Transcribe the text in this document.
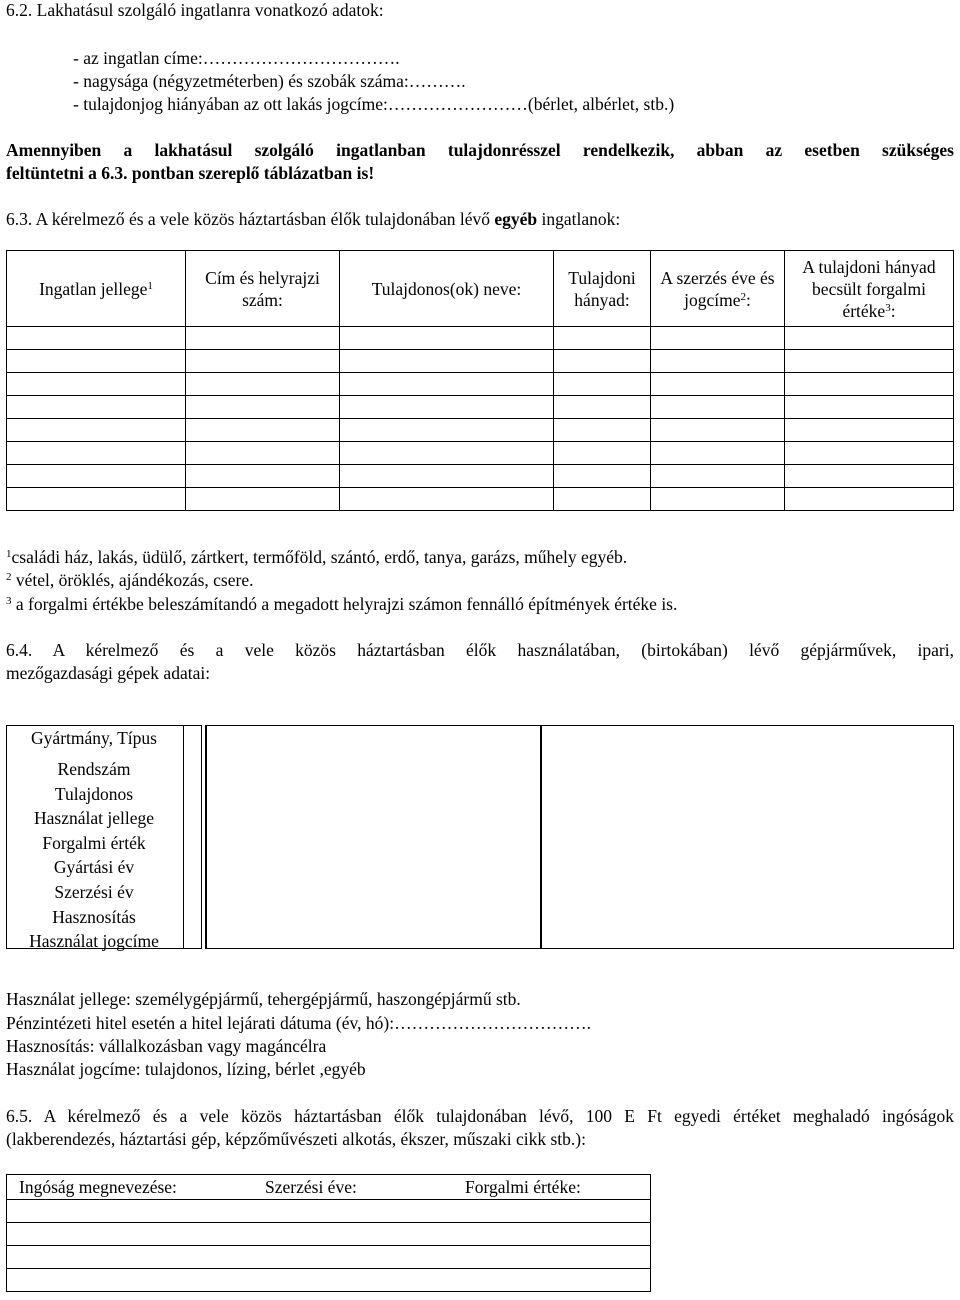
6.2. Lakhatásul szolgáló ingatlanra vonatkozó adatok:
- az ingatlan címe:…………………………….
- nagysága (négyzetméterben) és szobák száma:……….
- tulajdonjog hiányában az ott lakás jogcíme:……………………(bérlet, albérlet, stb.)
Amennyiben a lakhatásul szolgáló ingatlanban tulajdonrésszel rendelkezik, abban az esetben szükséges
feltüntetni a 6.3. pontban szereplő táblázatban is!
6.3. A kérelmező és a vele közös háztartásban élők tulajdonában lévő egyéb ingatlanok:
Ingatlan jellege$^1$	Cím és helyrajzi szám:	Tulajdonos(ok) neve:	Tulajdoni hányad:	A szerzés éve és jogcíme$^2$:	A tulajdoni hányad becsült forgalmi értéke$^3$:

$^1$családi ház, lakás, üdülő, zártkert, termőföld, szántó, erdő, tanya, garázs, műhely egyéb.
$^2$ vétel, öröklés, ajándékozás, csere.
$^3$ a forgalmi értékbe beleszámítandó a megadott helyrajzi számon fennálló építmények értéke is.
6.4. A kérelmező és a vele közös háztartásban élők használatában, (birtokában) lévő gépjárművek, ipari,
mezőgazdasági gépek adatai:
Gyártmány, Típus
Rendszám
Tulajdonos
Használat jellege
Forgalmi érték
Gyártási év
Szerzési év
Hasznosítás
Használat jogcíme
Használat jellege: személygépjármű, tehergépjármű, haszongépjármű stb.
Pénzintézeti hitel esetén a hitel lejárati dátuma (év, hó):…………………………….
Hasznosítás: vállalkozásban vagy magáncélra
Használat jogcíme: tulajdonos, lízing, bérlet ,egyéb
6.5. A kérelmező és a vele közös háztartásban élők tulajdonában lévő, 100 E Ft egyedi értéket meghaladó ingóságok
(lakberendezés, háztartási gép, képzőművészeti alkotás, ékszer, műszaki cikk stb.):
Ingóság megnevezése:	Szerzési éve:	Forgalmi értéke:
